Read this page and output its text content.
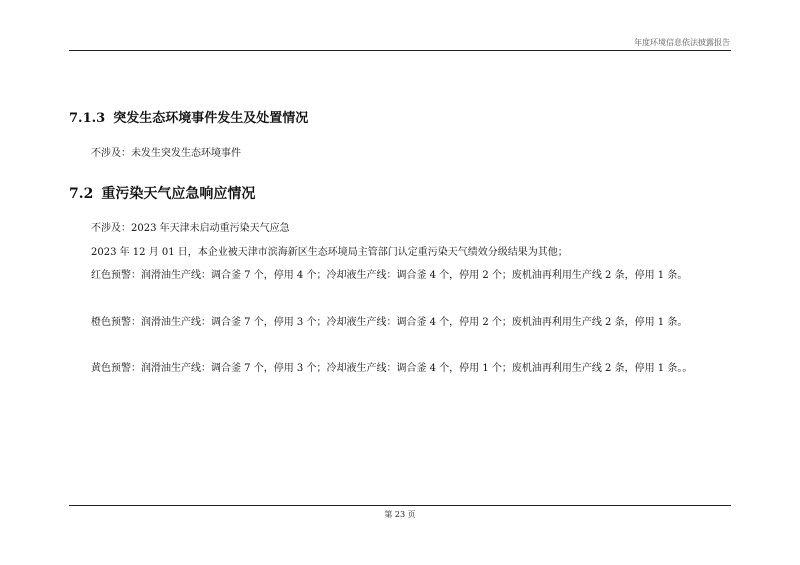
年度环境信息依法披露报告
7.1.3 突发生态环境事件发生及处置情况
不涉及：未发生突发生态环境事件
7.2 重污染天气应急响应情况
不涉及：2023 年天津未启动重污染天气应急
2023 年 12 月 01 日，本企业被天津市滨海新区生态环境局主管部门认定重污染天气绩效分级结果为其他；
红色预警：润滑油生产线：调合釜 7 个，停用 4 个；冷却液生产线：调合釜 4 个，停用 2 个；废机油再利用生产线 2 条，停用 1 条。
橙色预警：润滑油生产线：调合釜 7 个，停用 3 个；冷却液生产线：调合釜 4 个，停用 2 个；废机油再利用生产线 2 条，停用 1 条。
黄色预警：润滑油生产线：调合釜 7 个，停用 3 个；冷却液生产线：调合釜 4 个，停用 1 个；废机油再利用生产线 2 条，停用 1 条。。
第 23 页
